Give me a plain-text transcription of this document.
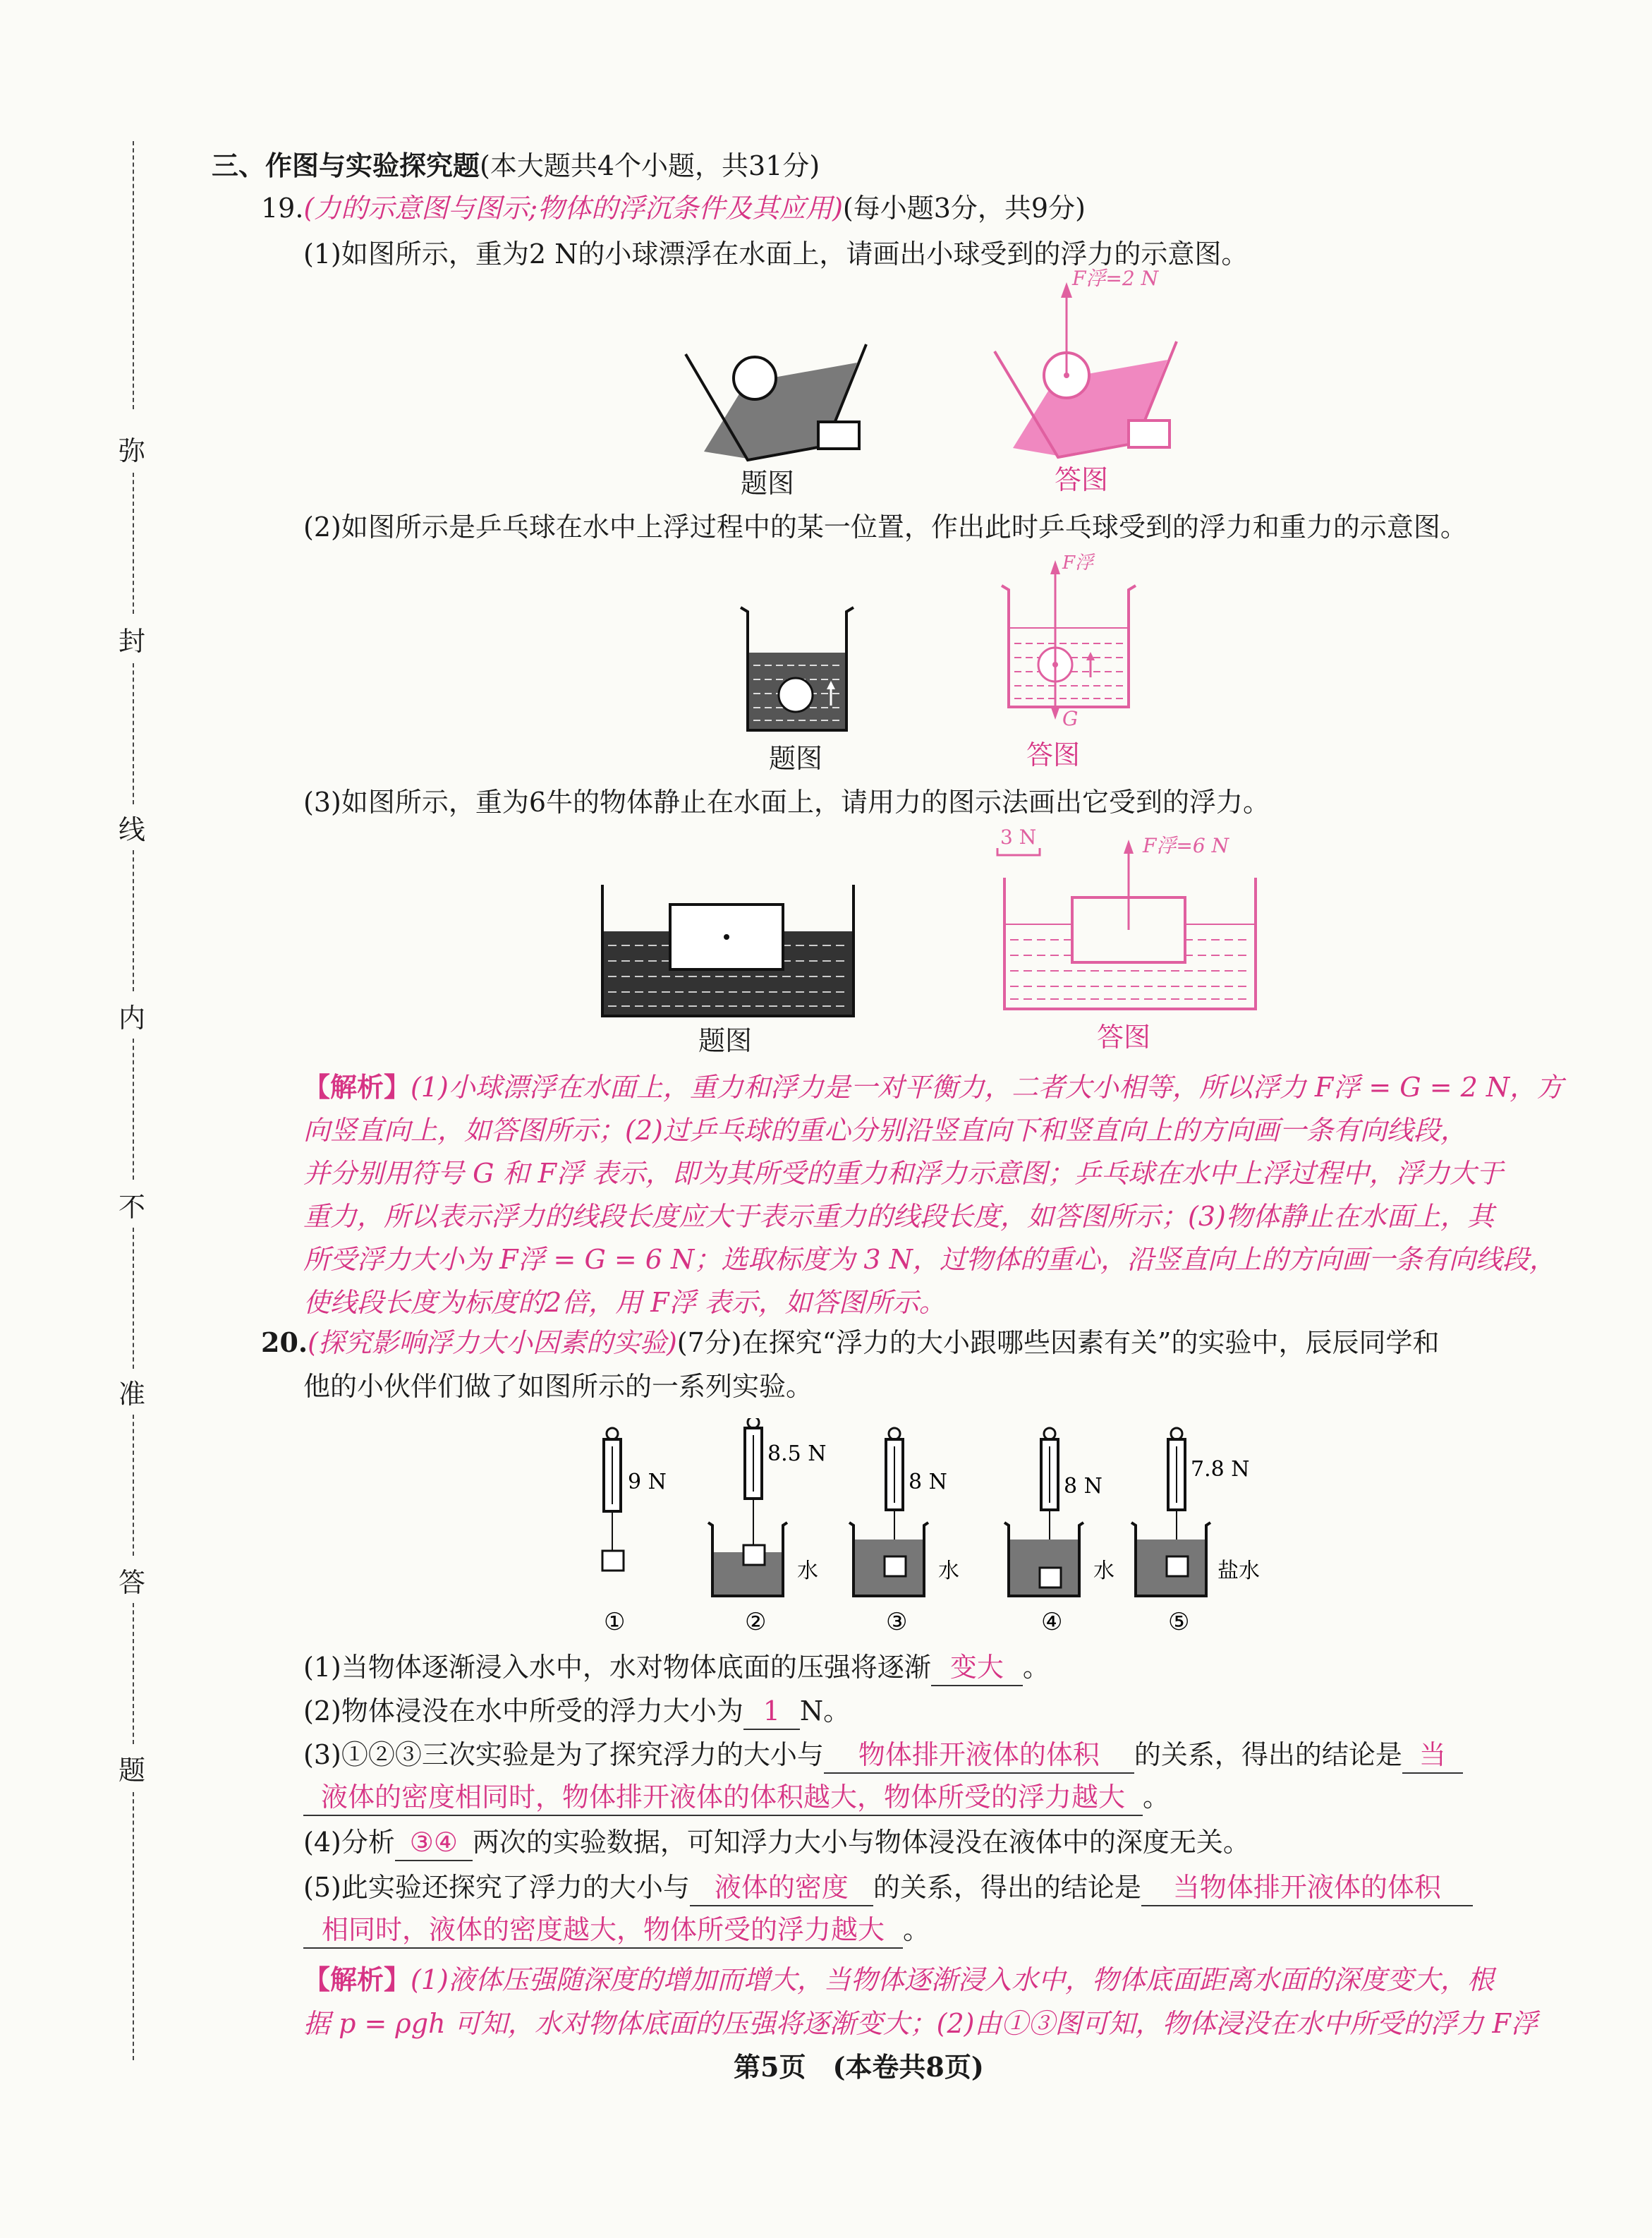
弥
封
线
内
不
准
答
题
三、作图与实验探究题(本大题共4个小题，共31分)
19.(力的示意图与图示;物体的浮沉条件及其应用)(每小题3分，共9分)
(1)如图所示，重为2 N的小球漂浮在水面上，请画出小球受到的浮力的示意图。
题图
F浮=2 N
答图
(2)如图所示是乒乓球在水中上浮过程中的某一位置，作出此时乒乓球受到的浮力和重力的示意图。
题图
F浮
G
答图
(3)如图所示，重为6牛的物体静止在水面上，请用力的图示法画出它受到的浮力。
题图
3 N	F浮=6 N
答图
【解析】(1)小球漂浮在水面上，重力和浮力是一对平衡力，二者大小相等，所以浮力 F浮 = G = 2 N，方
向竖直向上，如答图所示；(2)过乒乓球的重心分别沿竖直向下和竖直向上的方向画一条有向线段，
并分别用符号 G 和 F浮 表示，即为其所受的重力和浮力示意图；乒乓球在水中上浮过程中，浮力大于
重力，所以表示浮力的线段长度应大于表示重力的线段长度，如答图所示；(3)物体静止在水面上，其
所受浮力大小为 F浮 = G = 6 N；选取标度为 3 N，过物体的重心，沿竖直向上的方向画一条有向线段，
使线段长度为标度的2倍，用 F浮 表示，如答图所示。
20.(探究影响浮力大小因素的实验)(7分)在探究“浮力的大小跟哪些因素有关”的实验中，辰辰同学和
他的小伙伴们做了如图所示的一系列实验。
9 N
①
8.5 N
水
②
8 N
水
③
8 N
水
④
7.8 N
盐水
⑤
(1)当物体逐渐浸入水中，水对物体底面的压强将逐渐 变大 。
(2)物体浸没在水中所受的浮力大小为 1 N。
(3)①②③三次实验是为了探究浮力的大小与 物体排开液体的体积 的关系，得出的结论是 当
液体的密度相同时，物体排开液体的体积越大，物体所受的浮力越大 。
(4)分析 ③④ 两次的实验数据，可知浮力大小与物体浸没在液体中的深度无关。
(5)此实验还探究了浮力的大小与 液体的密度 的关系，得出的结论是 当物体排开液体的体积
相同时，液体的密度越大，物体所受的浮力越大 。
【解析】(1)液体压强随深度的增加而增大，当物体逐渐浸入水中，物体底面距离水面的深度变大，根
据 p = ρgh 可知，水对物体底面的压强将逐渐变大；(2)由①③图可知，物体浸没在水中所受的浮力 F浮
第5页　(本卷共8页)
